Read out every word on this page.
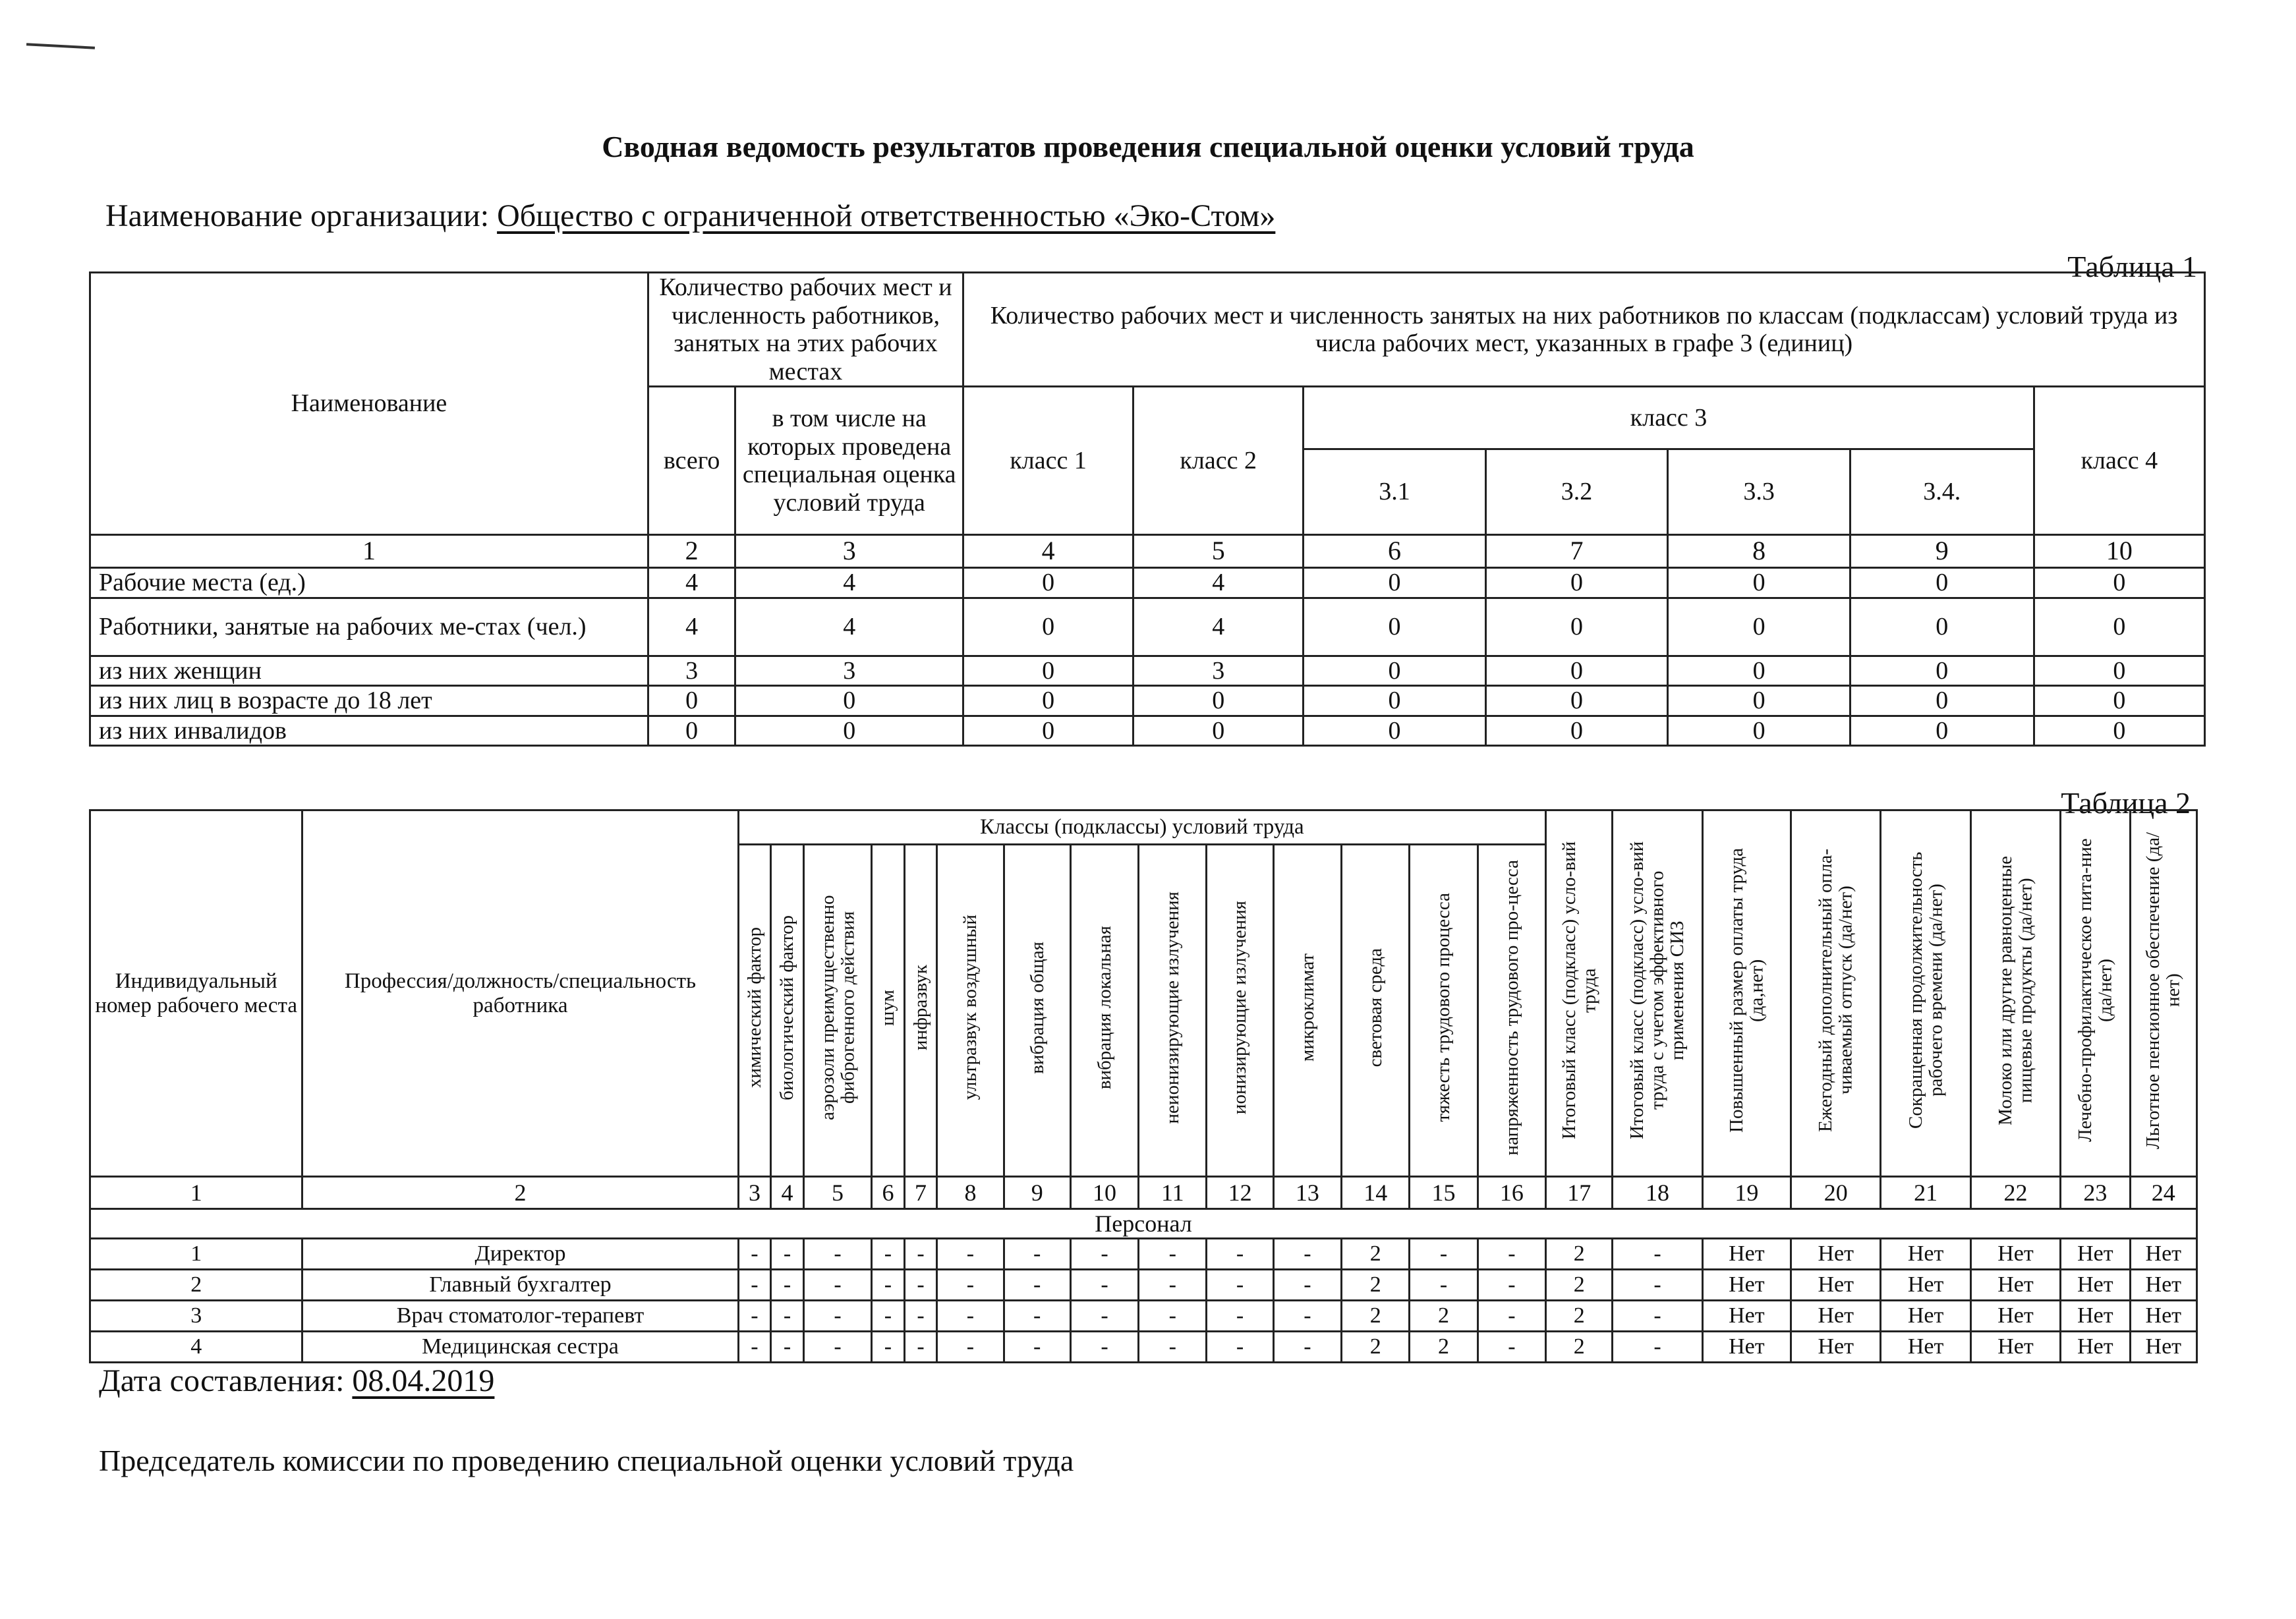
Сводная ведомость результатов проведения специальной оценки условий труда
Наименование организации: Общество с ограниченной ответственностью «Эко-Стом»
Таблица 1
Наименование	Количество рабочих мест и численность работников, занятых на этих рабочих местах		Количество рабочих мест и численность занятых на них работников по классам (подклассам) условий труда из числа рабочих мест, указанных в графе 3 (единиц)						
	всего	в том числе на которых проведена специальная оценка условий труда	класс 1	класс 2	класс 3				класс 4
					3.1	3.2	3.3	3.4.	
1	2	3	4	5	6	7	8	9	10
Рабочие места (ед.)	4	4	0	4	0	0	0	0	0
Работники, занятые на рабочих ме-стах (чел.)	4	4	0	4	0	0	0	0	0
из них женщин	3	3	0	3	0	0	0	0	0
из них лиц в возрасте до 18 лет	0	0	0	0	0	0	0	0	0
из них инвалидов	0	0	0	0	0	0	0	0	0
Таблица 2
Индивидуальный номер рабочего места	Профессия/должность/специальность работника	Классы (подклассы) условий труда														Итоговый класс (подкласс) усло-вий труда	Итоговый класс (подкласс) усло-вий труда с учетом эффективного применения СИЗ	Повышенный размер оплаты труда (да,нет)	Ежегодный дополнительный опла-чиваемый отпуск (да/нет)	Сокращенная продолжительность рабочего времени (да/нет)	Молоко или другие равноценные пищевые продукты (да/нет)	Лечебно-профилактическое пита-ние (да/нет)	Льготное пенсионное обеспечение (да/нет)
		химический фактор	биологический фактор	аэрозоли преимущественно фиброгенного действия	шум	инфразвук	ультразвук воздушный	вибрация общая	вибрация локальная	неионизирующие излучения	ионизирующие излучения	микроклимат	световая среда	тяжесть трудового процесса	напряженность трудового про-цесса								
1	2	3	4	5	6	7	8	9	10	11	12	13	14	15	16	17	18	19	20	21	22	23	24
Персонал																							
1	Директор	-	-	-	-	-	-	-	-	-	-	-	2	-	-	2	-	Нет	Нет	Нет	Нет	Нет	Нет
2	Главный бухгалтер	-	-	-	-	-	-	-	-	-	-	-	2	-	-	2	-	Нет	Нет	Нет	Нет	Нет	Нет
3	Врач стоматолог-терапевт	-	-	-	-	-	-	-	-	-	-	-	2	2	-	2	-	Нет	Нет	Нет	Нет	Нет	Нет
4	Медицинская сестра	-	-	-	-	-	-	-	-	-	-	-	2	2	-	2	-	Нет	Нет	Нет	Нет	Нет	Нет
Дата составления: 08.04.2019
Председатель комиссии по проведению специальной оценки условий труда
